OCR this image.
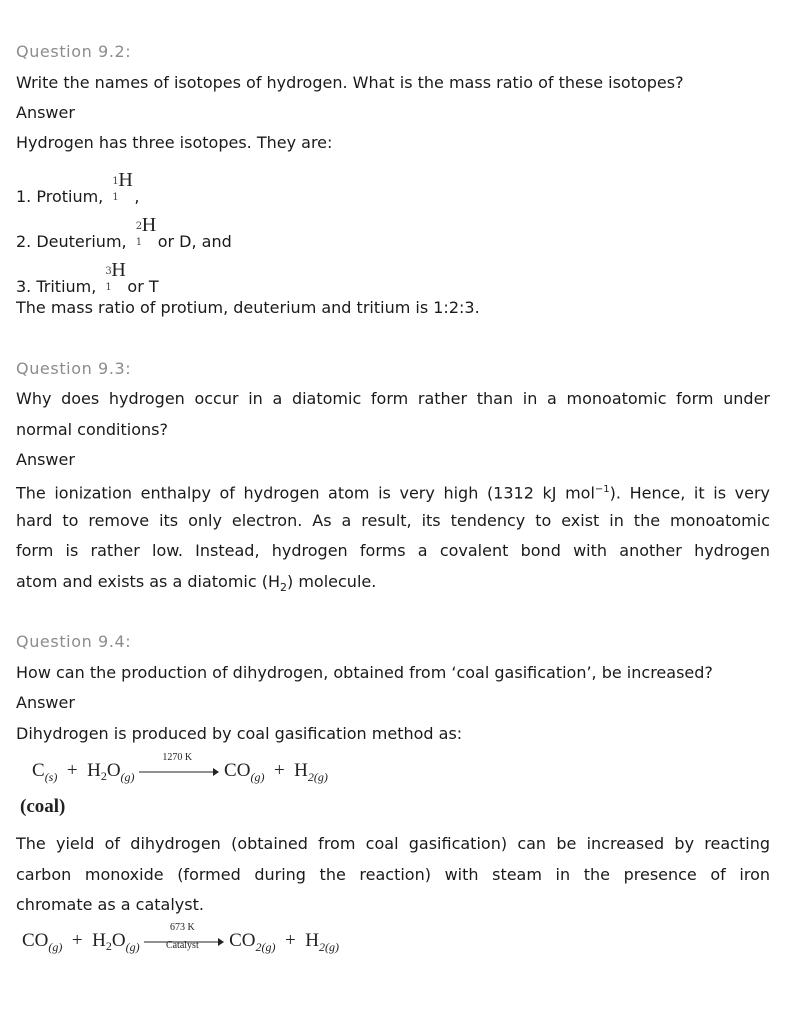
Question 9.2:
Write the names of isotopes of hydrogen. What is the mass ratio of these isotopes?
Answer
Hydrogen has three isotopes. They are:
1. Protium,
1
1
H
,
2. Deuterium,
2
1
H
or D, and
3. Tritium,
3
1
H
or T
The mass ratio of protium, deuterium and tritium is 1:2:3.
Question 9.3:
Why does hydrogen occur in a diatomic form rather than in a monoatomic form under
normal conditions?
Answer
The ionization enthalpy of hydrogen atom is very high (1312 kJ mol$^{-1}$). Hence, it is very
hard to remove its only electron. As a result, its tendency to exist in the monoatomic
form is rather low. Instead, hydrogen forms a covalent bond with another hydrogen
atom and exists as a diatomic $(H_2)$ molecule.
Question 9.4:
How can the production of dihydrogen, obtained from ‘coal gasification’, be increased?
Answer
Dihydrogen is produced by coal gasification method as:
$C_{(s)} + H_2O_{(g)}$
1270 K
$CO_{(g)} + H_{2(g)}$
(coal)
The yield of dihydrogen (obtained from coal gasification) can be increased by reacting
carbon monoxide (formed during the reaction) with steam in the presence of iron
chromate as a catalyst.
$CO_{(g)} + H_2O_{(g)}$
673 K
Catalyst	$CO_{2(g)} + H_{2(g)}$
